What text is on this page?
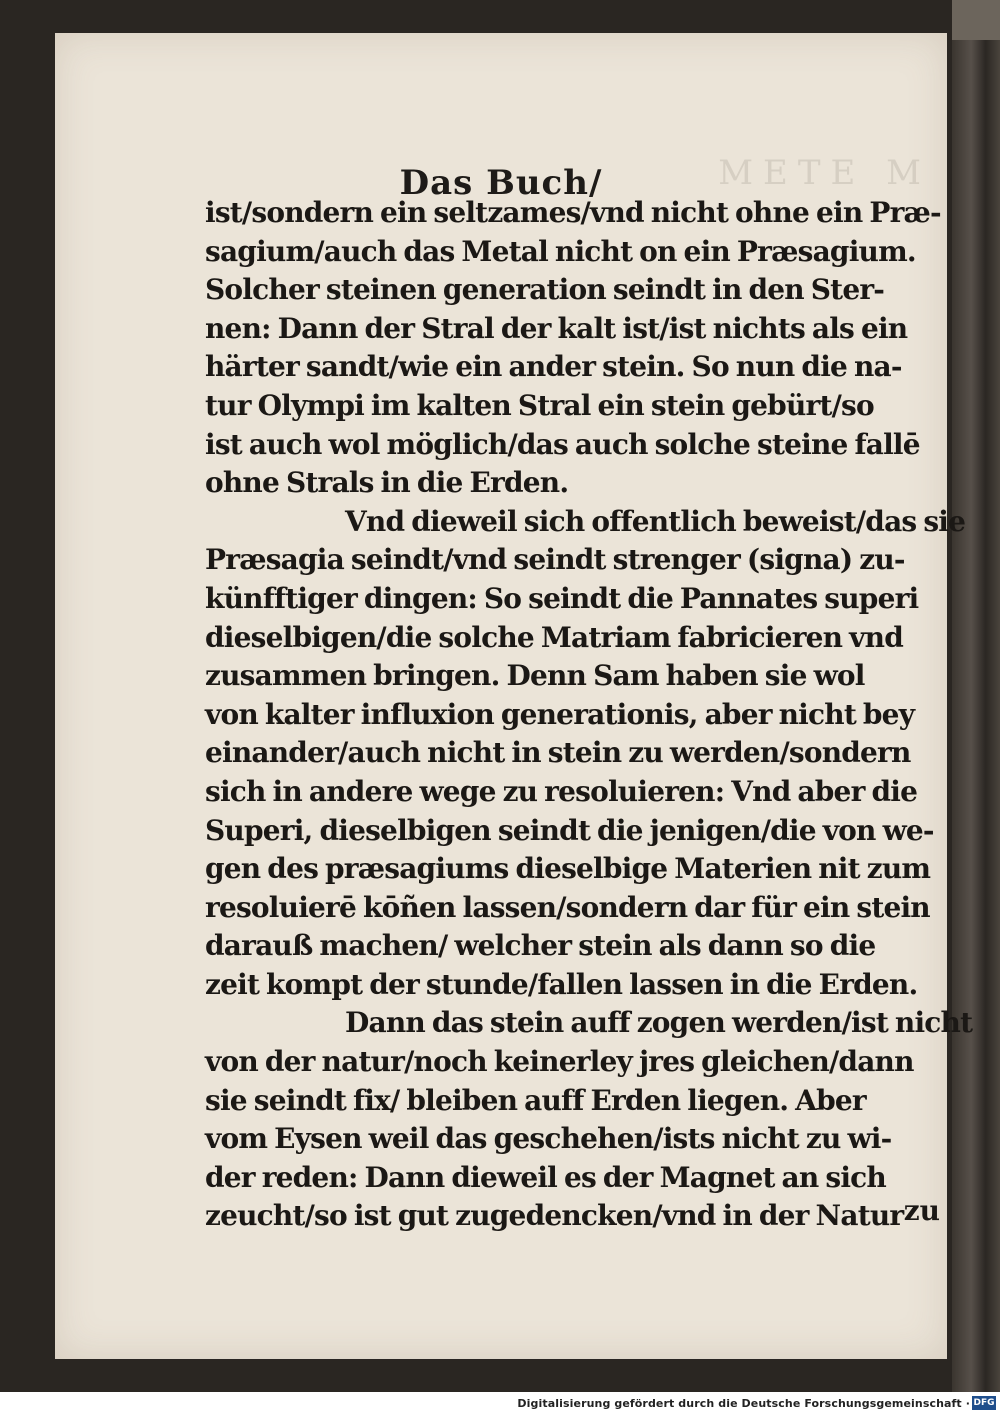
METE M
Das Buch/
ist/sondern ein seltzames/vnd nicht ohne ein Præ-
sagium/auch das Metal nicht on ein Præsagium.
Solcher steinen generation seindt in den Ster-
nen: Dann der Stral der kalt ist/ist nichts als ein
härter sandt/wie ein ander stein. So nun die na-
tur Olympi im kalten Stral ein stein gebürt/so
ist auch wol möglich/das auch solche steine fallē
ohne Strals in die Erden.
Vnd dieweil sich offentlich beweist/das sie
Præsagia seindt/vnd seindt strenger (signa) zu-
künfftiger dingen: So seindt die Pannates superi
dieselbigen/die solche Matriam fabricieren vnd
zusammen bringen. Denn Sam haben sie wol
von kalter influxion generationis, aber nicht bey
einander/auch nicht in stein zu werden/sondern
sich in andere wege zu resoluieren: Vnd aber die
Superi, dieselbigen seindt die jenigen/die von we-
gen des præsagiums dieselbige Materien nit zum
resoluierē kōñen lassen/sondern dar für ein stein
darauß machen/ welcher stein als dann so die
zeit kompt der stunde/fallen lassen in die Erden.
Dann das stein auff zogen werden/ist nicht
von der natur/noch keinerley jres gleichen/dann
sie seindt fix/ bleiben auff Erden liegen. Aber
vom Eysen weil das geschehen/ists nicht zu wi-
der reden: Dann dieweil es der Magnet an sich
zeucht/so ist gut zugedencken/vnd in der Natur zu
Digitalisierung gefördert durch die Deutsche Forschungsgemeinschaft · DFG
